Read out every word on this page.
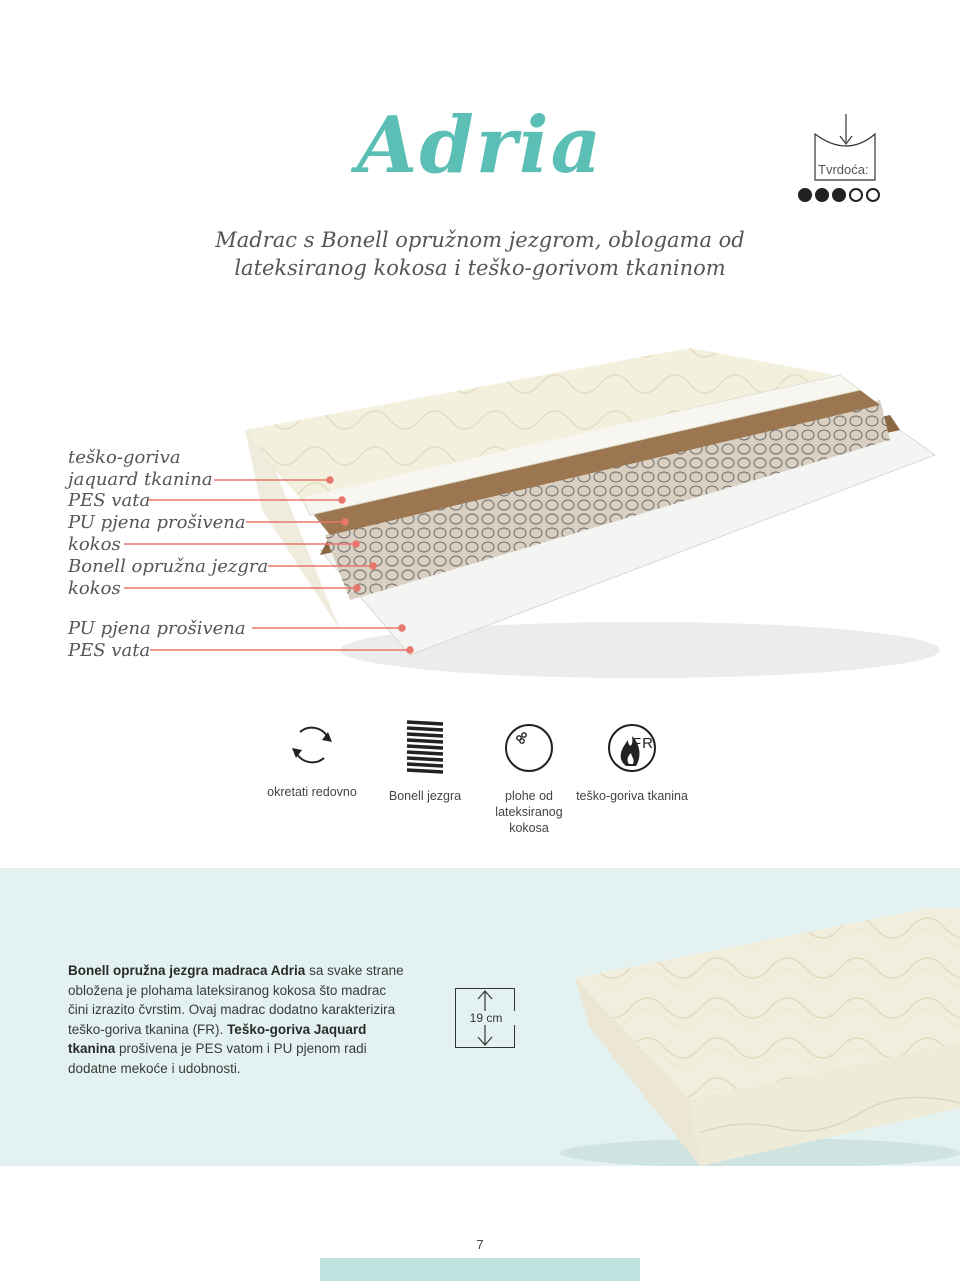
Adria	Tvrdoća:
Madrac s Bonell opružnom jezgrom, oblogama od
lateksiranog kokosa i teško-gorivom tkaninom
teško-goriva
jaquard tkanina
PES vata
PU pjena prošivena
kokos
Bonell opružna jezgra
kokos
PU pjena prošivena
PES vata
okretati redovno	Bonell jezgra	plohe od
lateksiranog
kokosa
FR
teško-goriva tkanina
Bonell opružna jezgra madraca Adria sa svake strane obložena je plohama lateksiranog kokosa što madrac čini izrazito čvrstim. Ovaj madrac dodatno karakterizira teško-goriva tkanina (FR). Teško-goriva Jaquard tkanina prošivena je PES vatom i PU pjenom radi dodatne mekoće i udobnosti.
19 cm
7
